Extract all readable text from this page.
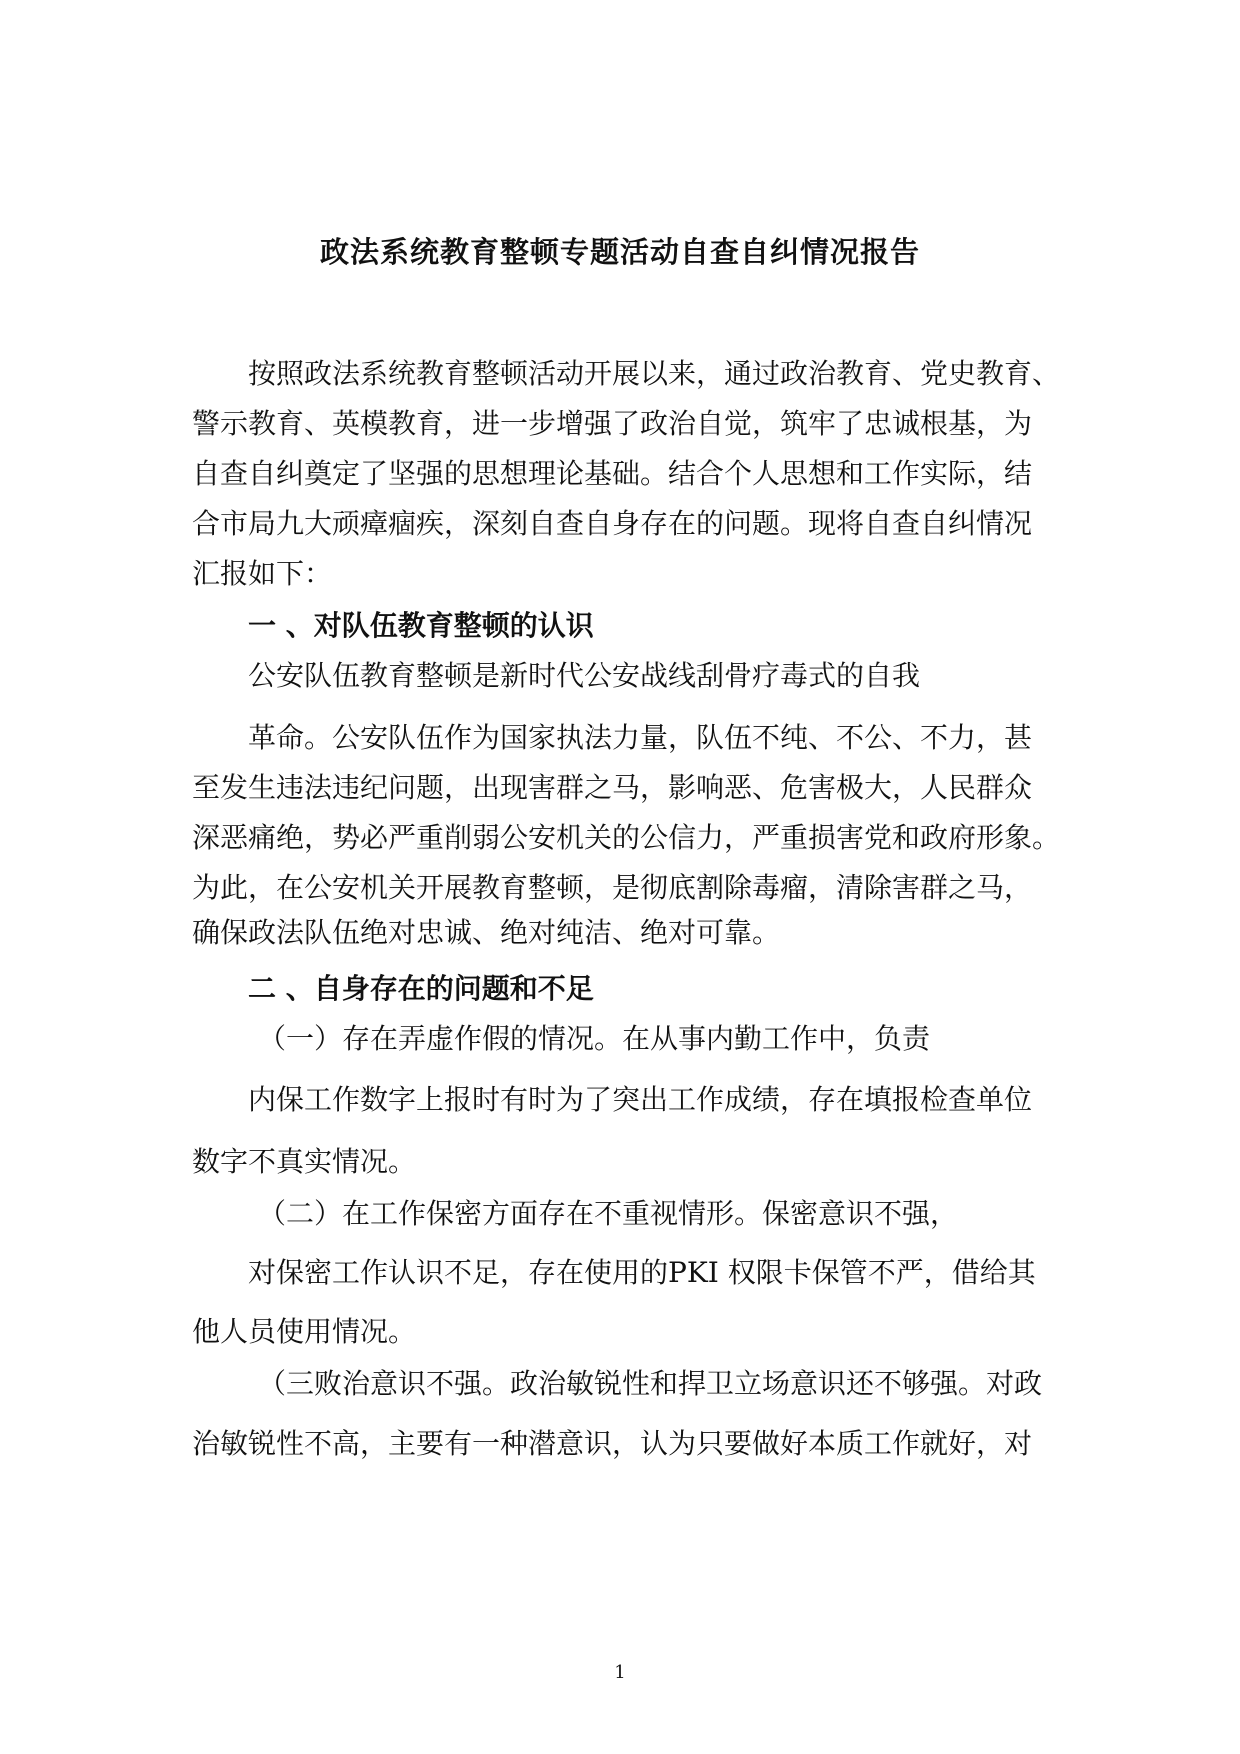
政法系统教育整顿专题活动自查自纠情况报告
按照政法系统教育整顿活动开展以来，通过政治教育、党史教育、
警示教育、英模教育，进一步增强了政治自觉，筑牢了忠诚根基，为
自查自纠奠定了坚强的思想理论基础。结合个人思想和工作实际，结
合市局九大顽瘴痼疾，深刻自查自身存在的问题。现将自查自纠情况
汇报如下：
一 、对队伍教育整顿的认识
公安队伍教育整顿是新时代公安战线刮骨疗毒式的自我
革命。公安队伍作为国家执法力量，队伍不纯、不公、不力，甚
至发生违法违纪问题，出现害群之马，影响恶、危害极大，人民群众
深恶痛绝，势必严重削弱公安机关的公信力，严重损害党和政府形象。
为此，在公安机关开展教育整顿，是彻底割除毒瘤，清除害群之马，
确保政法队伍绝对忠诚、绝对纯洁、绝对可靠。
二 、自身存在的问题和不足
（一）存在弄虚作假的情况。在从事内勤工作中，负责
内保工作数字上报时有时为了突出工作成绩，存在填报检查单位
数字不真实情况。
（二）在工作保密方面存在不重视情形。保密意识不强，
对保密工作认识不足，存在使用的PKI 权限卡保管不严，借给其
他人员使用情况。
（三败治意识不强。政治敏锐性和捍卫立场意识还不够强。对政
治敏锐性不高，主要有一种潜意识，认为只要做好本质工作就好，对
1
